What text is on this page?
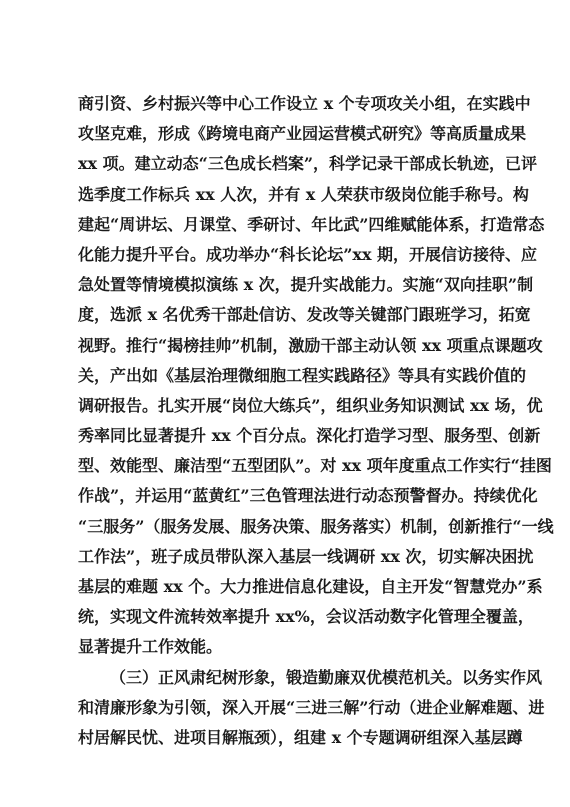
商引资、乡村振兴等中心工作设立 x 个专项攻关小组，在实践中
攻坚克难，形成《跨境电商产业园运营模式研究》等高质量成果
xx 项。建立动态“三色成长档案”，科学记录干部成长轨迹，已评
选季度工作标兵 xx 人次，并有 x 人荣获市级岗位能手称号。构
建起“周讲坛、月课堂、季研讨、年比武”四维赋能体系，打造常态
化能力提升平台。成功举办“科长论坛”xx 期，开展信访接待、应
急处置等情境模拟演练 x 次，提升实战能力。实施“双向挂职”制
度，选派 x 名优秀干部赴信访、发改等关键部门跟班学习，拓宽
视野。推行“揭榜挂帅”机制，激励干部主动认领 xx 项重点课题攻
关，产出如《基层治理微细胞工程实践路径》等具有实践价值的
调研报告。扎实开展“岗位大练兵”，组织业务知识测试 xx 场，优
秀率同比显著提升 xx 个百分点。深化打造学习型、服务型、创新
型、效能型、廉洁型“五型团队”。对 xx 项年度重点工作实行“挂图
作战”，并运用“蓝黄红”三色管理法进行动态预警督办。持续优化
“三服务”（服务发展、服务决策、服务落实）机制，创新推行“一线
工作法”，班子成员带队深入基层一线调研 xx 次，切实解决困扰
基层的难题 xx 个。大力推进信息化建设，自主开发“智慧党办”系
统，实现文件流转效率提升 xx%，会议活动数字化管理全覆盖，
显著提升工作效能。
（三）正风肃纪树形象，锻造勤廉双优模范机关。以务实作风
和清廉形象为引领，深入开展“三进三解”行动（进企业解难题、进
村居解民忧、进项目解瓶颈），组建 x 个专题调研组深入基层蹲
